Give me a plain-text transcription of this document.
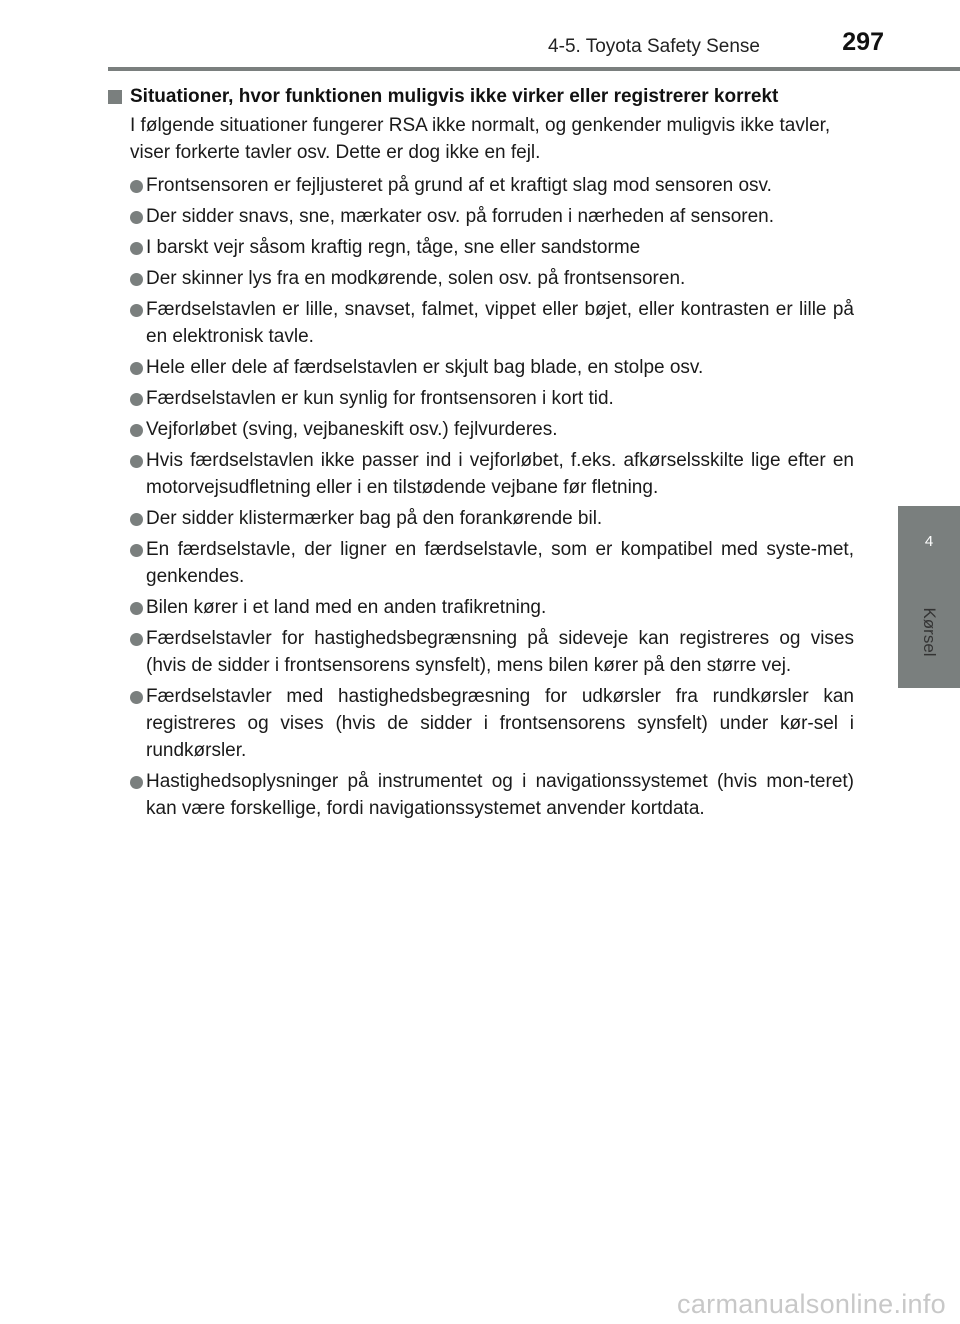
4-5. Toyota Safety Sense	297
4
Kørsel
Situationer, hvor funktionen muligvis ikke virker eller registrerer korrekt

I følgende situationer fungerer RSA ikke normalt, og genkender muligvis ikke tavler, viser forkerte tavler osv. Dette er dog ikke en fejl.

Frontsensoren er fejljusteret på grund af et kraftigt slag mod sensoren osv.
Der sidder snavs, sne, mærkater osv. på forruden i nærheden af sensoren.
I barskt vejr såsom kraftig regn, tåge, sne eller sandstorme
Der skinner lys fra en modkørende, solen osv. på frontsensoren.
Færdselstavlen er lille, snavset, falmet, vippet eller bøjet, eller kontrasten er lille på en elektronisk tavle.
Hele eller dele af færdselstavlen er skjult bag blade, en stolpe osv.
Færdselstavlen er kun synlig for frontsensoren i kort tid.
Vejforløbet (sving, vejbaneskift osv.) fejlvurderes.
Hvis færdselstavlen ikke passer ind i vejforløbet, f.eks. afkørselsskilte lige efter en motorvejsudfletning eller i en tilstødende vejbane før fletning.
Der sidder klistermærker bag på den forankørende bil.
En færdselstavle, der ligner en færdselstavle, som er kompatibel med syste-met, genkendes.
Bilen kører i et land med en anden trafikretning.
Færdselstavler for hastighedsbegrænsning på sideveje kan registreres og vises (hvis de sidder i frontsensorens synsfelt), mens bilen kører på den større vej.
Færdselstavler med hastighedsbegræsning for udkørsler fra rundkørsler kan registreres og vises (hvis de sidder i frontsensorens synsfelt) under kør-sel i rundkørsler.
Hastighedsoplysninger på instrumentet og i navigationssystemet (hvis mon-teret) kan være forskellige, fordi navigationssystemet anvender kortdata.
carmanualsonline.info
